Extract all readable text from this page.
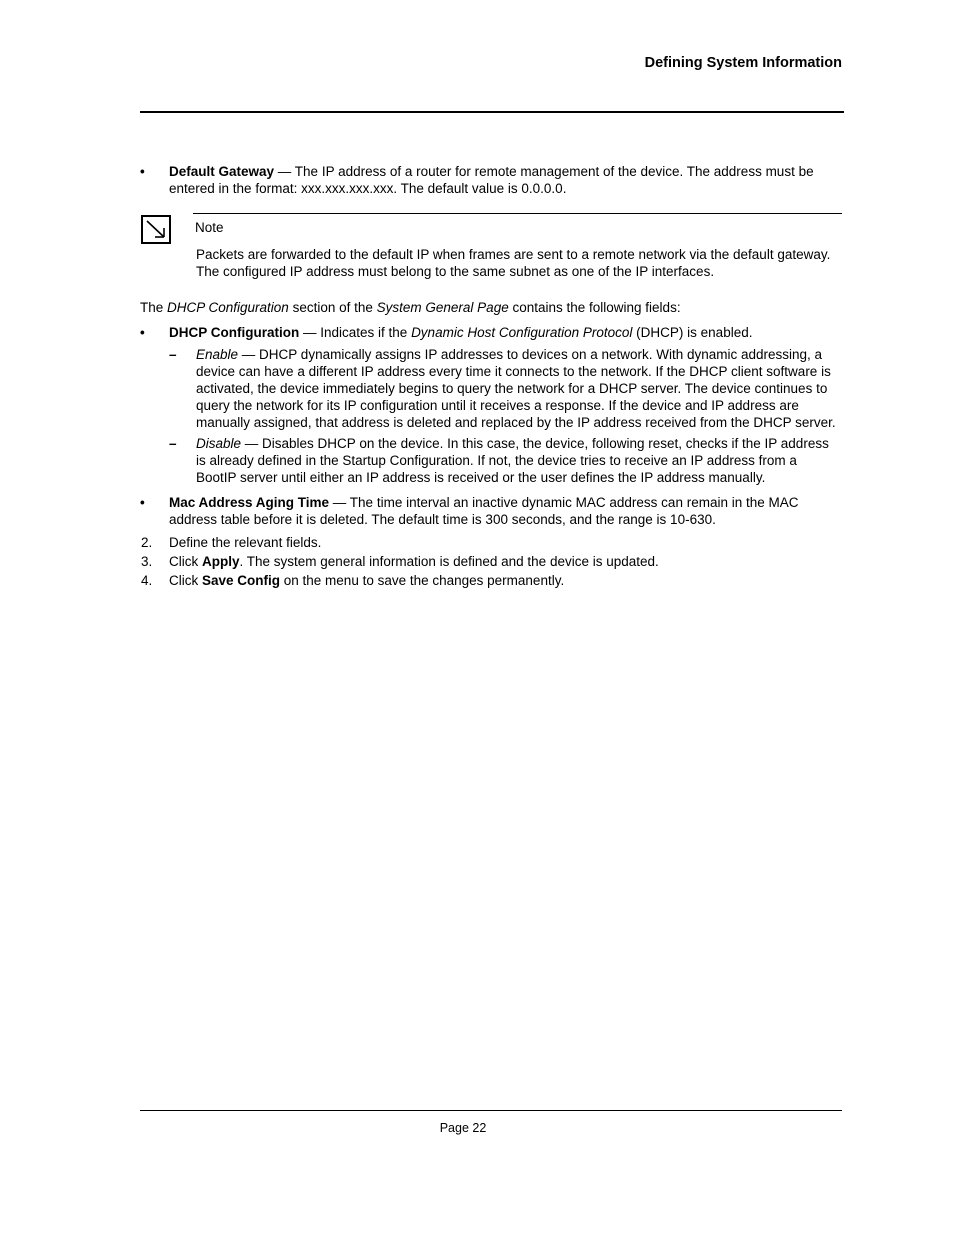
Defining System Information
• Default Gateway — The IP address of a router for remote management of the device. The address must be entered in the format: xxx.xxx.xxx.xxx. The default value is 0.0.0.0.
Note
Packets are forwarded to the default IP when frames are sent to a remote network via the default gateway. The configured IP address must belong to the same subnet as one of the IP interfaces.
The DHCP Configuration section of the System General Page contains the following fields:
• DHCP Configuration — Indicates if the Dynamic Host Configuration Protocol (DHCP) is enabled.
– Enable — DHCP dynamically assigns IP addresses to devices on a network. With dynamic addressing, a device can have a different IP address every time it connects to the network. If the DHCP client software is activated, the device immediately begins to query the network for a DHCP server. The device continues to query the network for its IP configuration until it receives a response. If the device and IP address are manually assigned, that address is deleted and replaced by the IP address received from the DHCP server.
– Disable — Disables DHCP on the device. In this case, the device, following reset, checks if the IP address is already defined in the Startup Configuration. If not, the device tries to receive an IP address from a BootIP server until either an IP address is received or the user defines the IP address manually.
• Mac Address Aging Time — The time interval an inactive dynamic MAC address can remain in the MAC address table before it is deleted. The default time is 300 seconds, and the range is 10-630.
2. Define the relevant fields.
3. Click Apply. The system general information is defined and the device is updated.
4. Click Save Config on the menu to save the changes permanently.
Page 22
